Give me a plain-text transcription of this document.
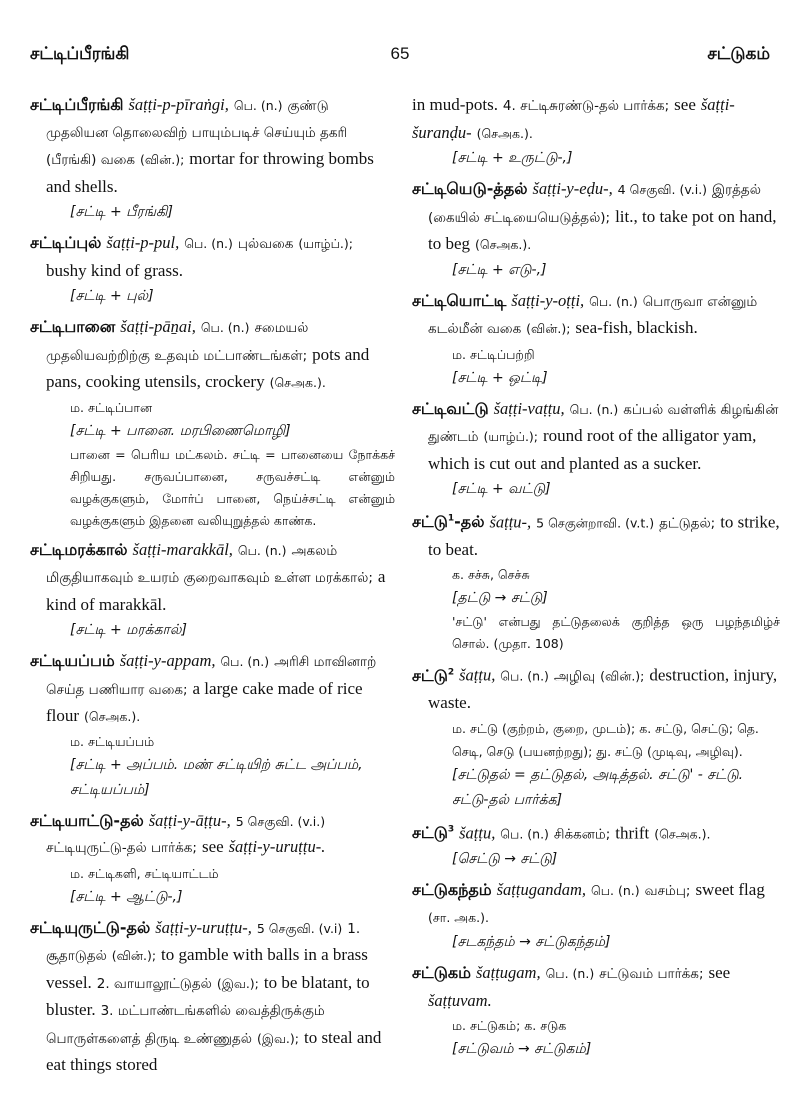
சட்டிப்பீரங்கி	65	சட்டுகம்
சட்டிப்பீரங்கி šaṭṭi-p-pīraṅgi, பெ. (n.) குண்டு முதலியன தொலைவிற் பாயும்படிச் செய்யும் தகரி (பீரங்கி) வகை (வின்.); mortar for throwing bombs and shells.
[சட்டி + பீரங்கி]
சட்டிப்புல் šaṭṭi-p-pul, பெ. (n.) புல்வகை (யாழ்ப்.); bushy kind of grass.
[சட்டி + புல்]
சட்டிபானை šaṭṭi-pāṉai, பெ. (n.) சமையல் முதலியவற்றிற்கு உதவும் மட்பாண்டங்கள்; pots and pans, cooking utensils, crockery (செஅக.).
ம. சட்டிப்பான
[சட்டி + பானை. மரபிணைமொழி]
பானை = பெரிய மட்கலம். சட்டி = பானையை நோக்கச் சிறியது. சருவப்பானை, சருவச்சட்டி என்னும் வழக்குகளும், மோர்ப் பானை, நெய்ச்சட்டி என்னும் வழக்குகளும் இதனை வலியுறுத்தல் காண்க.
சட்டிமரக்கால் šaṭṭi-marakkāl, பெ. (n.) அகலம் மிகுதியாகவும் உயரம் குறைவாகவும் உள்ள மரக்கால்; a kind of marakkāl.
[சட்டி + மரக்கால்]
சட்டியப்பம் šaṭṭi-y-appam, பெ. (n.) அரிசி மாவினாற் செய்த பணியார வகை; a large cake made of rice flour (செஅக.).
ம. சட்டியப்பம்
[சட்டி + அப்பம். மண் சட்டியிற் சுட்ட அப்பம், சட்டியப்பம்]
சட்டியாட்டு-தல் šaṭṭi-y-āṭṭu-, 5 செகுவி. (v.i.) சட்டியுருட்டு-தல் பார்க்க; see šaṭṭi-y-uruṭṭu-.
ம. சட்டிகளி, சட்டியாட்டம்
[சட்டி + ஆட்டு-,]
சட்டியுருட்டு-தல் šaṭṭi-y-uruṭṭu-, 5 செகுவி. (v.i) 1. சூதாடுதல் (வின்.); to gamble with balls in a brass vessel. 2. வாயாலூட்டுதல் (இவ.); to be blatant, to bluster. 3. மட்பாண்டங்களில் வைத்திருக்கும் பொருள்களைத் திருடி உண்ணுதல் (இவ.); to steal and eat things stored
in mud-pots. 4. சட்டிசுரண்டு-தல் பார்க்க; see šaṭṭi-šuranḍu- (செஅக.).
[சட்டி + உருட்டு-,]
சட்டியெடு-த்தல் šaṭṭi-y-eḍu-, 4 செகுவி. (v.i.) இரத்தல் (கையில் சட்டியையெடுத்தல்); lit., to take pot on hand, to beg (செஅக.).
[சட்டி + எடு-,]
சட்டியொட்டி šaṭṭi-y-oṭṭi, பெ. (n.) பொருவா என்னும் கடல்மீன் வகை (வின்.); sea-fish, blackish.
ம. சட்டிப்பற்றி
[சட்டி + ஒட்டி]
சட்டிவட்டு šaṭṭi-vaṭṭu, பெ. (n.) கப்பல் வள்ளிக் கிழங்கின் துண்டம் (யாழ்ப்.); round root of the alligator yam, which is cut out and planted as a sucker.
[சட்டி + வட்டு]
சட்டு$^1$-தல் šaṭṭu-, 5 செகுன்றாவி. (v.t.) தட்டுதல்; to strike, to beat.
க. சச்சு, செச்சு
[தட்டு → சட்டு]
'சட்டு' என்பது தட்டுதலைக் குறித்த ஒரு பழந்தமிழ்ச் சொல். (முதா. 108)
சட்டு$^2$ šaṭṭu, பெ. (n.) அழிவு (வின்.); destruction, injury, waste.
ம. சட்டு (குற்றம், குறை, முடம்); க. சட்டு, செட்டு; தெ. செடி, செடு (பயனற்றது); து. சட்டு (முடிவு, அழிவு).
[சட்டுதல் = தட்டுதல், அடித்தல். சட்டு' - சட்டு. சட்டு-தல் பார்க்க]
சட்டு$^3$ šaṭṭu, பெ. (n.) சிக்கனம்; thrift (செஅக.).
[செட்டு → சட்டு]
சட்டுகந்தம் šaṭṭugandam, பெ. (n.) வசம்பு; sweet flag (சா. அக.).
[சடகந்தம் → சட்டுகந்தம்]
சட்டுகம் šaṭṭugam, பெ. (n.) சட்டுவம் பார்க்க; see šaṭṭuvam.
ம. சட்டுகம்; க. சடுக
[சட்டுவம் → சட்டுகம்]
